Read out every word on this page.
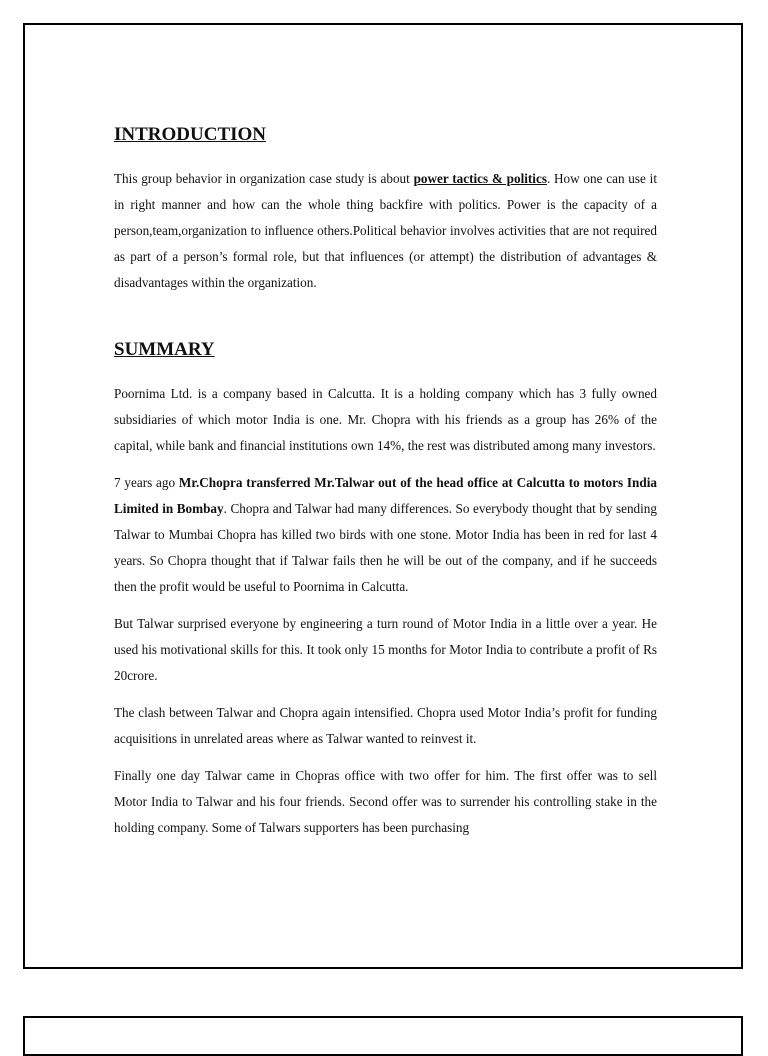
INTRODUCTION

This group behavior in organization case study is about power tactics & politics. How one can use it in right manner and how can the whole thing backfire with politics. Power is the capacity of a person,team,organization to influence others.Political behavior involves activities that are not required as part of a person’s formal role, but that influences (or attempt) the distribution of advantages & disadvantages within the organization.

SUMMARY

Poornima Ltd. is a company based in Calcutta. It is a holding company which has 3 fully owned subsidiaries of which motor India is one. Mr. Chopra with his friends as a group has 26% of the capital, while bank and financial institutions own 14%, the rest was distributed among many investors.

7 years ago Mr.Chopra transferred Mr.Talwar out of the head office at Calcutta to motors India Limited in Bombay. Chopra and Talwar had many differences. So everybody thought that by sending Talwar to Mumbai Chopra has killed two birds with one stone. Motor India has been in red for last 4 years. So Chopra thought that if Talwar fails then he will be out of the company, and if he succeeds then the profit would be useful to Poornima in Calcutta.

But Talwar surprised everyone by engineering a turn round of Motor India in a little over a year. He used his motivational skills for this. It took only 15 months for Motor India to contribute a profit of Rs 20crore.

The clash between Talwar and Chopra again intensified. Chopra used Motor India’s profit for funding acquisitions in unrelated areas where as Talwar wanted to reinvest it.

Finally one day Talwar came in Chopras office with two offer for him. The first offer was to sell Motor India to Talwar and his four friends. Second offer was to surrender his controlling stake in the holding company. Some of Talwars supporters has been purchasing
